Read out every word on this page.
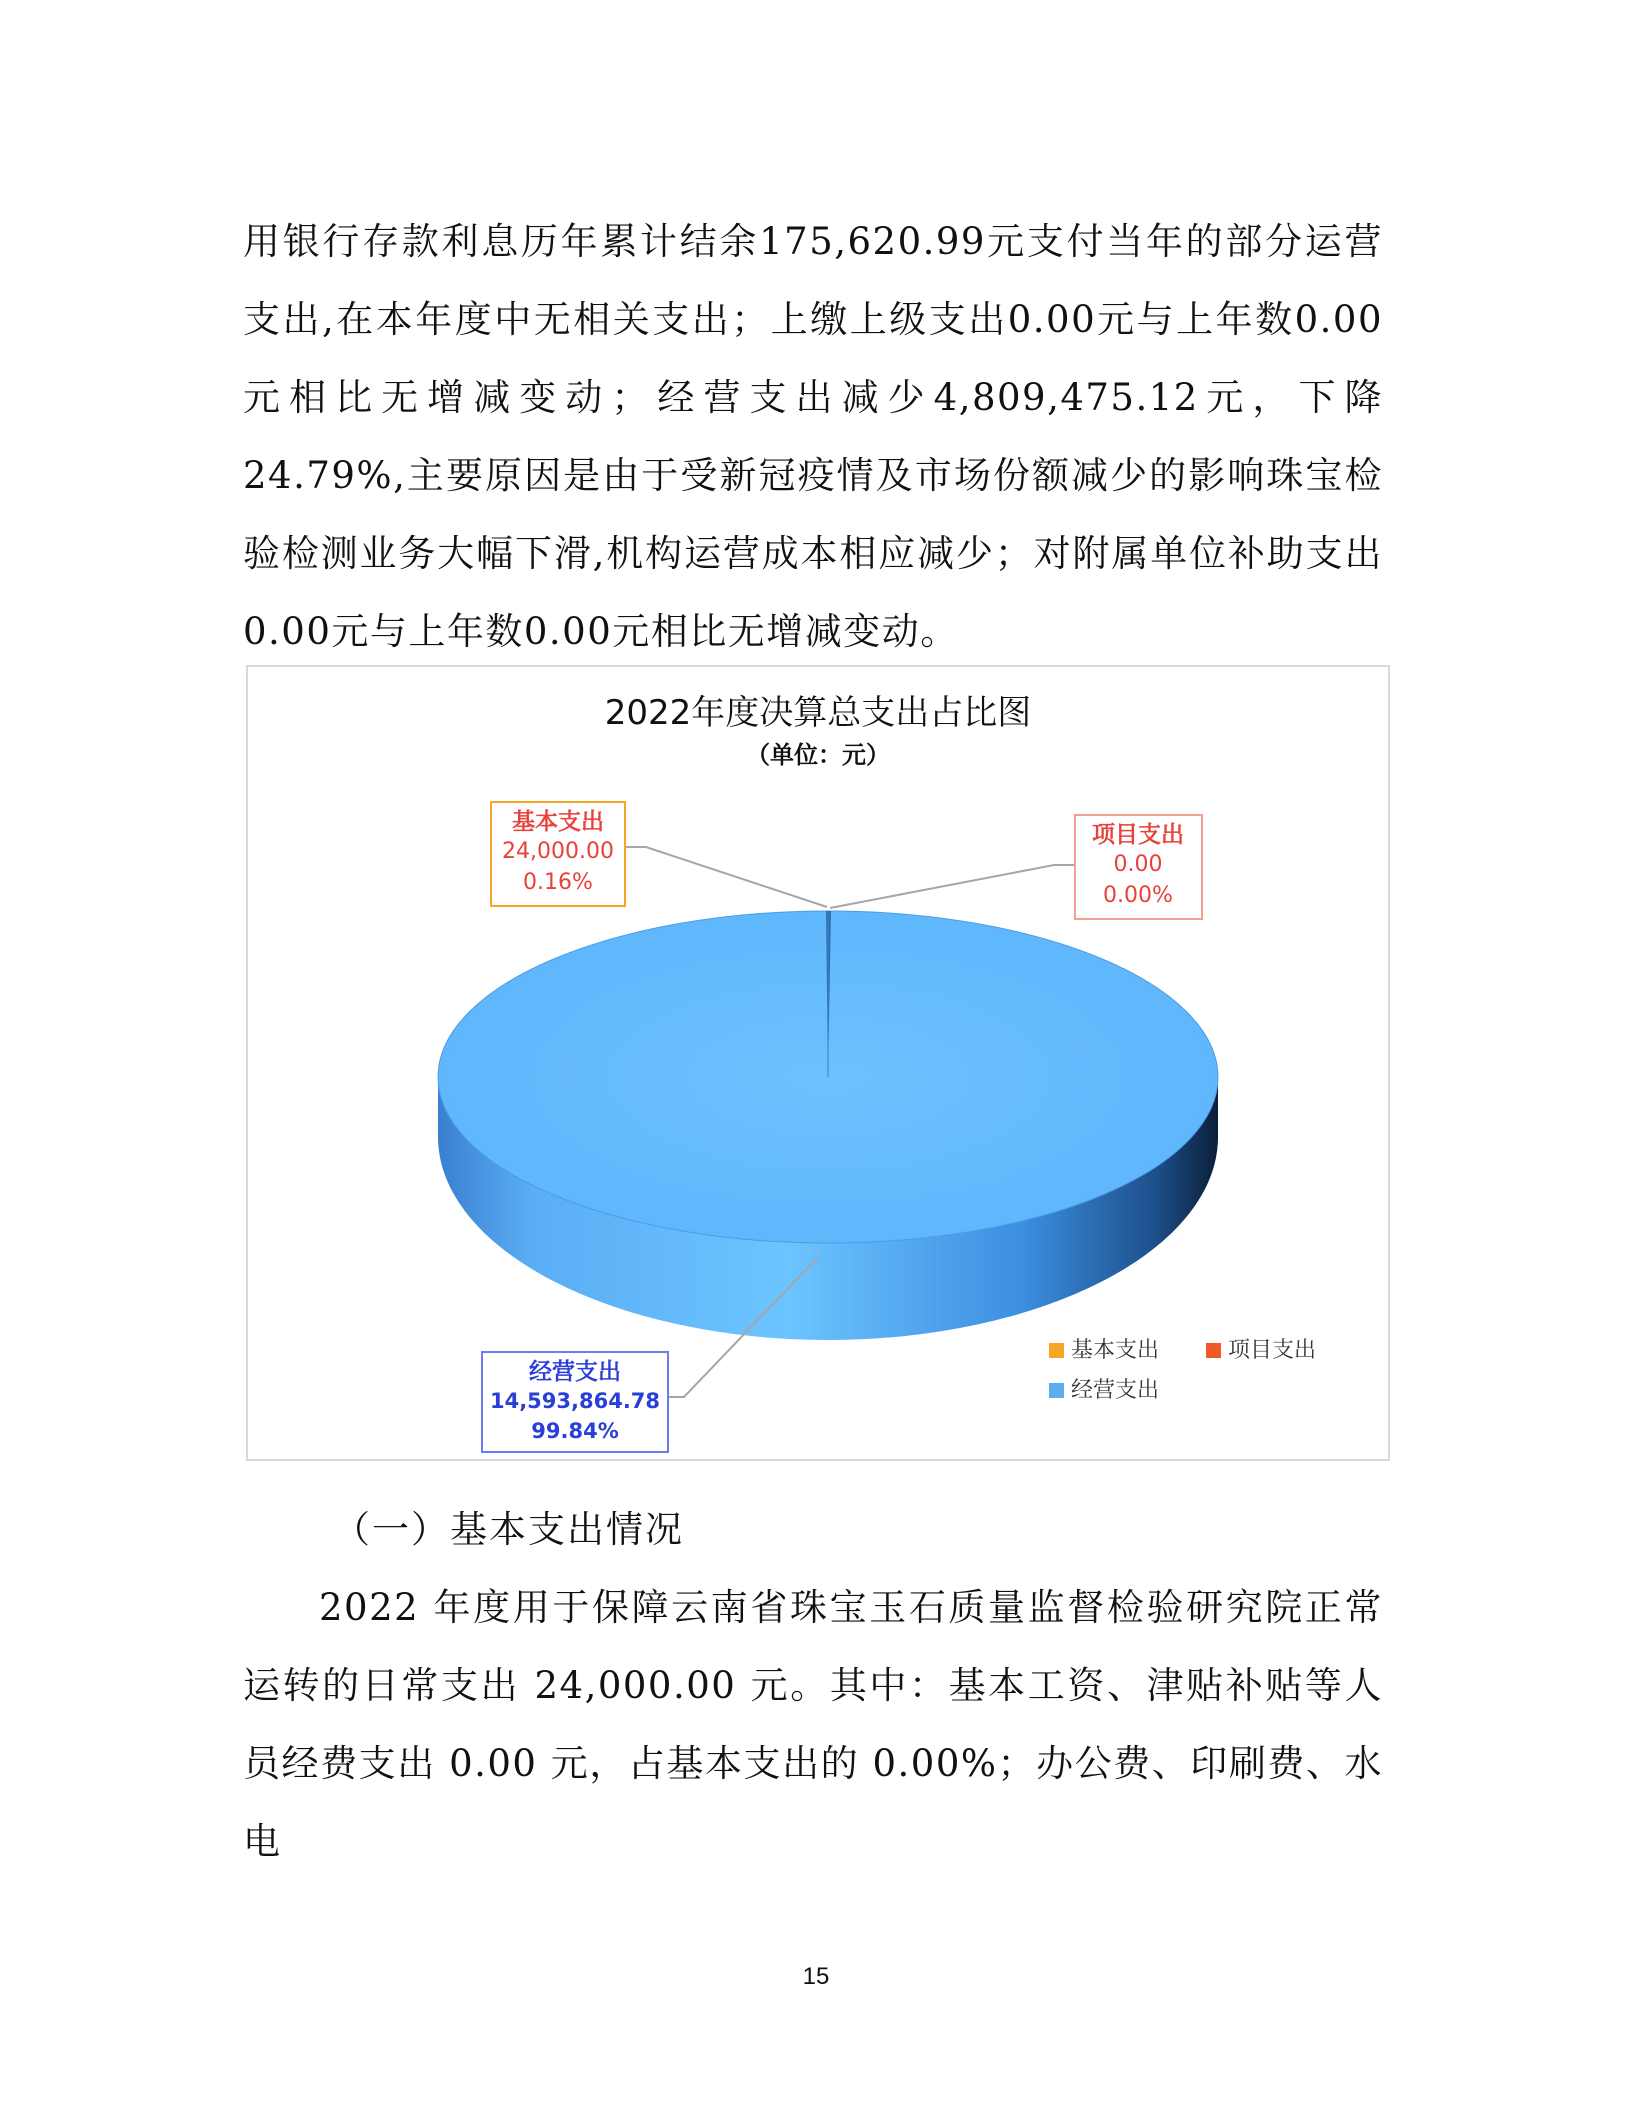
用银行存款利息历年累计结余175,620.99元支付当年的部分运营支出,在本年度中无相关支出；上缴上级支出0.00元与上年数0.00元相比无增减变动；经营支出减少4,809,475.12元，下降24.79%,主要原因是由于受新冠疫情及市场份额减少的影响珠宝检验检测业务大幅下滑,机构运营成本相应减少；对附属单位补助支出0.00元与上年数0.00元相比无增减变动。

2022年度决算总支出占比图
（单位：元）
基本支出
24,000.00
0.16%
项目支出
0.00
0.00%
经营支出
14,593,864.78
99.84%
基本支出	项目支出
经营支出
（一）基本支出情况

2022 年度用于保障云南省珠宝玉石质量监督检验研究院正常运转的日常支出 24,000.00 元。其中：基本工资、津贴补贴等人员经费支出 0.00 元，占基本支出的 0.00%；办公费、印刷费、水电

15
